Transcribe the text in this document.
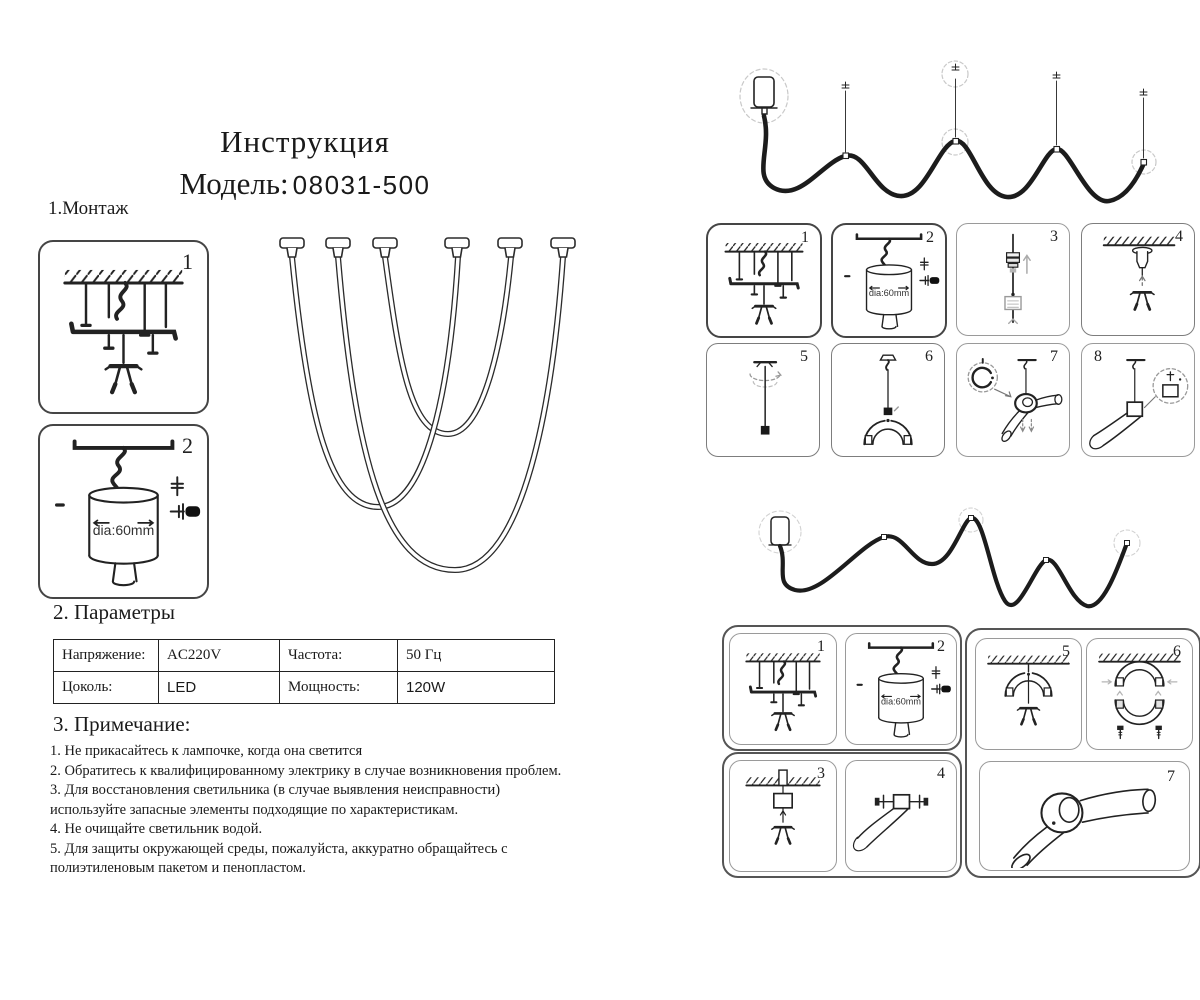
Инструкция
Модель: 08031-500
1.Монтаж
1
2
dia:60mm
1	2
dia:60mm
3	4
5	6	7 8
1	2
dia:60mm
3	4
5	6
7
2. Параметры
Напряжение:	AC220V	Частота:	50 Гц
Цоколь:	LED	Мощность:	120W
3. Примечание:
1. Не прикасайтесь к лампочке, когда она светится
2. Обратитесь к квалифицированному электрику в случае возникновения проблем.
3. Для восстановления светильника (в случае выявления неисправности) используйте запасные элементы подходящие по характеристикам.
4. Не очищайте светильник водой.
5. Для защиты окружающей среды, пожалуйста, аккуратно обращайтесь с полиэтиленовым пакетом и пенопластом.
